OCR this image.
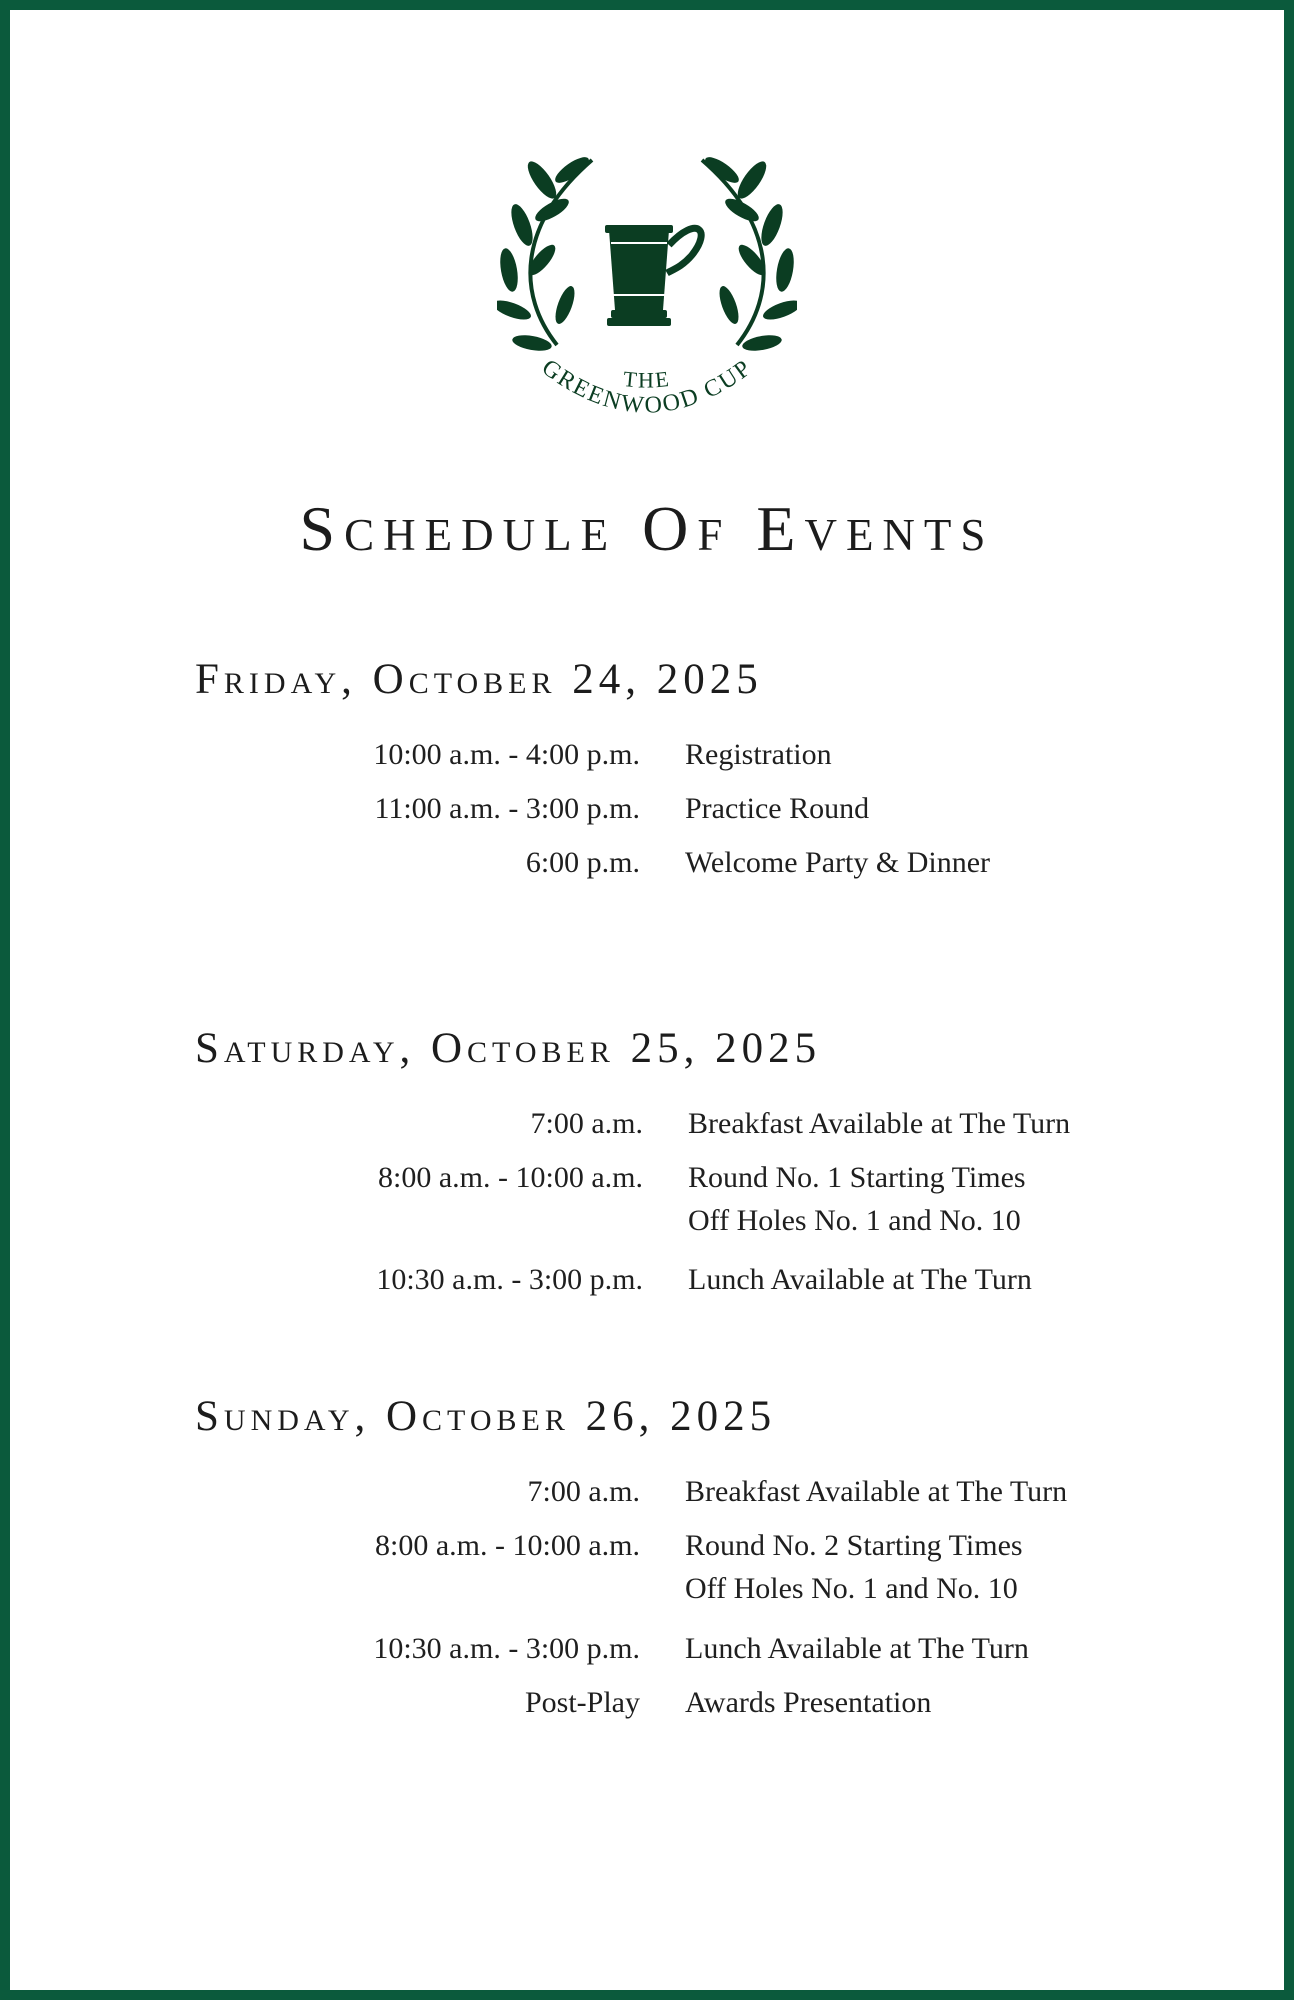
THE
GREENWOOD CUP
Schedule Of Events
Friday, October 24, 2025
10:00 a.m. - 4:00 p.m. Registration
11:00 a.m. - 3:00 p.m. Practice Round
6:00 p.m. Welcome Party & Dinner
Saturday, October 25, 2025
7:00 a.m. Breakfast Available at The Turn
8:00 a.m. - 10:00 a.m. Round No. 1 Starting Times
Off Holes No. 1 and No. 10
10:30 a.m. - 3:00 p.m. Lunch Available at The Turn
Sunday, October 26, 2025
7:00 a.m. Breakfast Available at The Turn
8:00 a.m. - 10:00 a.m. Round No. 2 Starting Times
Off Holes No. 1 and No. 10
10:30 a.m. - 3:00 p.m. Lunch Available at The Turn
Post-Play Awards Presentation
